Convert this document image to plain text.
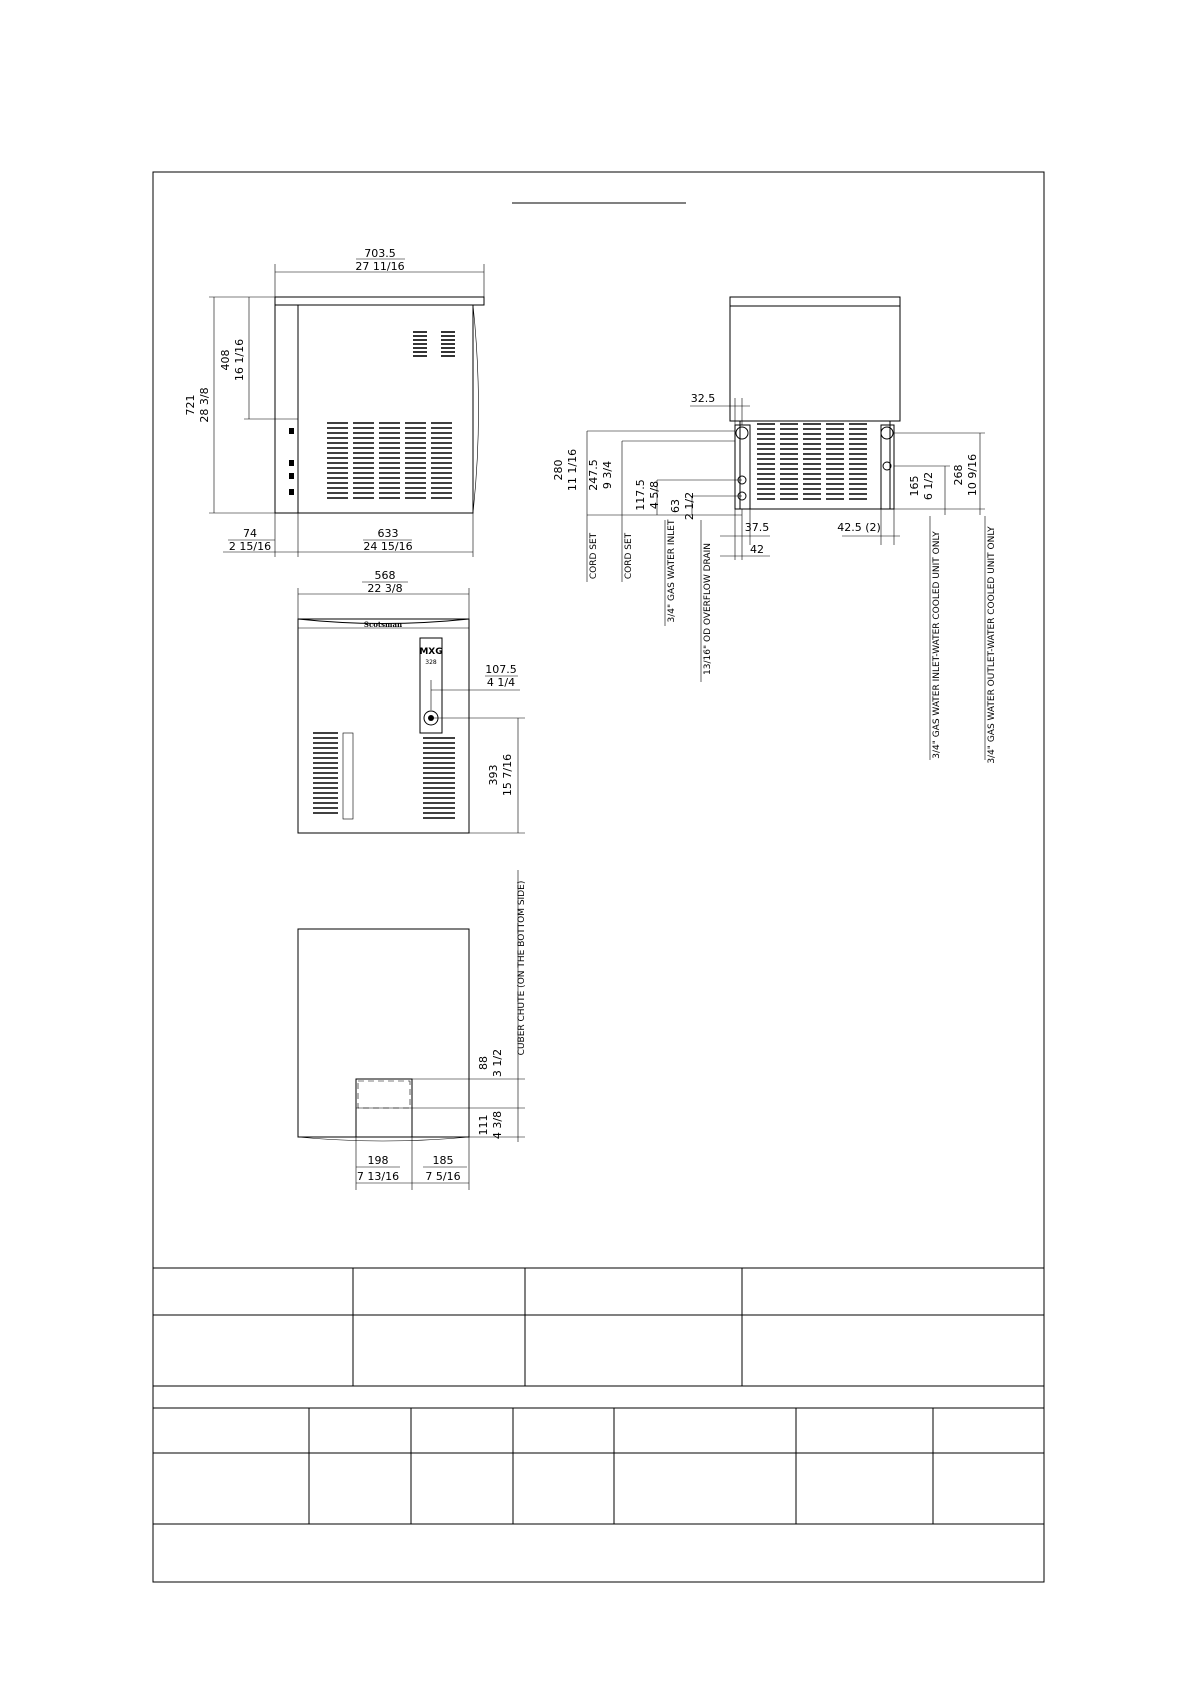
703.5
27 11/16
721 28 3/8
408 16 1/16
74
2 15/16
633
24 15/16
Scotsman
MXG
328
568
22 3/8
107.5
4 1/4
393 15 7/16
88 3 1/2
111 4 3/8
CUBER CHUTE (ON THE BOTTOM SIDE)
198
7 13/16
185
7 5/16
32.5
280 11 1/16 247.5 9 3/4
117.5 4 5/8 63 2 1/2
37.5
42
42.5 (2)
165 6 1/2 268 10 9/16
CORD SET	CORD SET	3/4" GAS WATER INLET	13/16" OD OVERFLOW DRAIN	3/4" GAS WATER INLET-WATER COOLED UNIT ONLY	3/4" GAS WATER OUTLET-WATER COOLED UNIT ONLY
